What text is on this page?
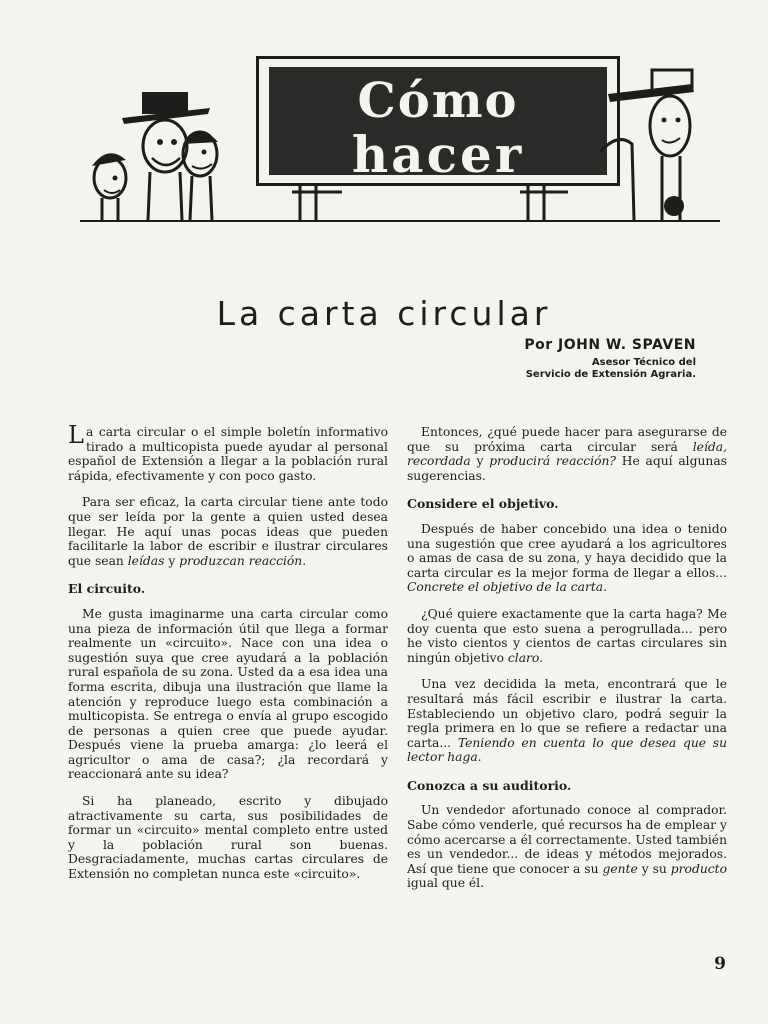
Cómo
hacer
La carta circular
Por JOHN W. SPAVEN
Asesor Técnico del
Servicio de Extensión Agraria.

La carta circular o el simple boletín informativo tirado a multicopista puede ayudar al personal español de Extensión a llegar a la población rural rápida, efectivamente y con poco gasto.

Para ser eficaz, la carta circular tiene ante todo que ser leída por la gente a quien usted desea llegar. He aquí unas pocas ideas que pueden facilitarle la labor de escribir e ilustrar circulares que sean leídas y produzcan reacción.

El circuito.

Me gusta imaginarme una carta circular como una pieza de información útil que llega a formar realmente un «circuito». Nace con una idea o sugestión suya que cree ayudará a la población rural española de su zona. Usted da a esa idea una forma escrita, dibuja una ilustración que llame la atención y reproduce luego esta combinación a multicopista. Se entrega o envía al grupo escogido de personas a quien cree que puede ayudar. Después viene la prueba amarga: ¿lo leerá el agricultor o ama de casa?; ¿la recordará y reaccionará ante su idea?

Si ha planeado, escrito y dibujado atractivamente su carta, sus posibilidades de formar un «circuito» mental completo entre usted y la población rural son buenas. Desgraciadamente, muchas cartas circulares de Extensión no completan nunca este «circuito».

Entonces, ¿qué puede hacer para asegurarse de que su próxima carta circular será leída, recordada y producirá reacción? He aquí algunas sugerencias.

Considere el objetivo.

Después de haber concebido una idea o tenido una sugestión que cree ayudará a los agricultores o amas de casa de su zona, y haya decidido que la carta circular es la mejor forma de llegar a ellos... Concrete el objetivo de la carta.

¿Qué quiere exactamente que la carta haga? Me doy cuenta que esto suena a perogrullada... pero he visto cientos y cientos de cartas circulares sin ningún objetivo claro.

Una vez decidida la meta, encontrará que le resultará más fácil escribir e ilustrar la carta. Estableciendo un objetivo claro, podrá seguir la regla primera en lo que se refiere a redactar una carta... Teniendo en cuenta lo que desea que su lector haga.

Conozca a su auditorio.

Un vendedor afortunado conoce al comprador. Sabe cómo venderle, qué recursos ha de emplear y cómo acercarse a él correctamente. Usted también es un vendedor... de ideas y métodos mejorados. Así que tiene que conocer a su gente y su producto igual que él.

9
